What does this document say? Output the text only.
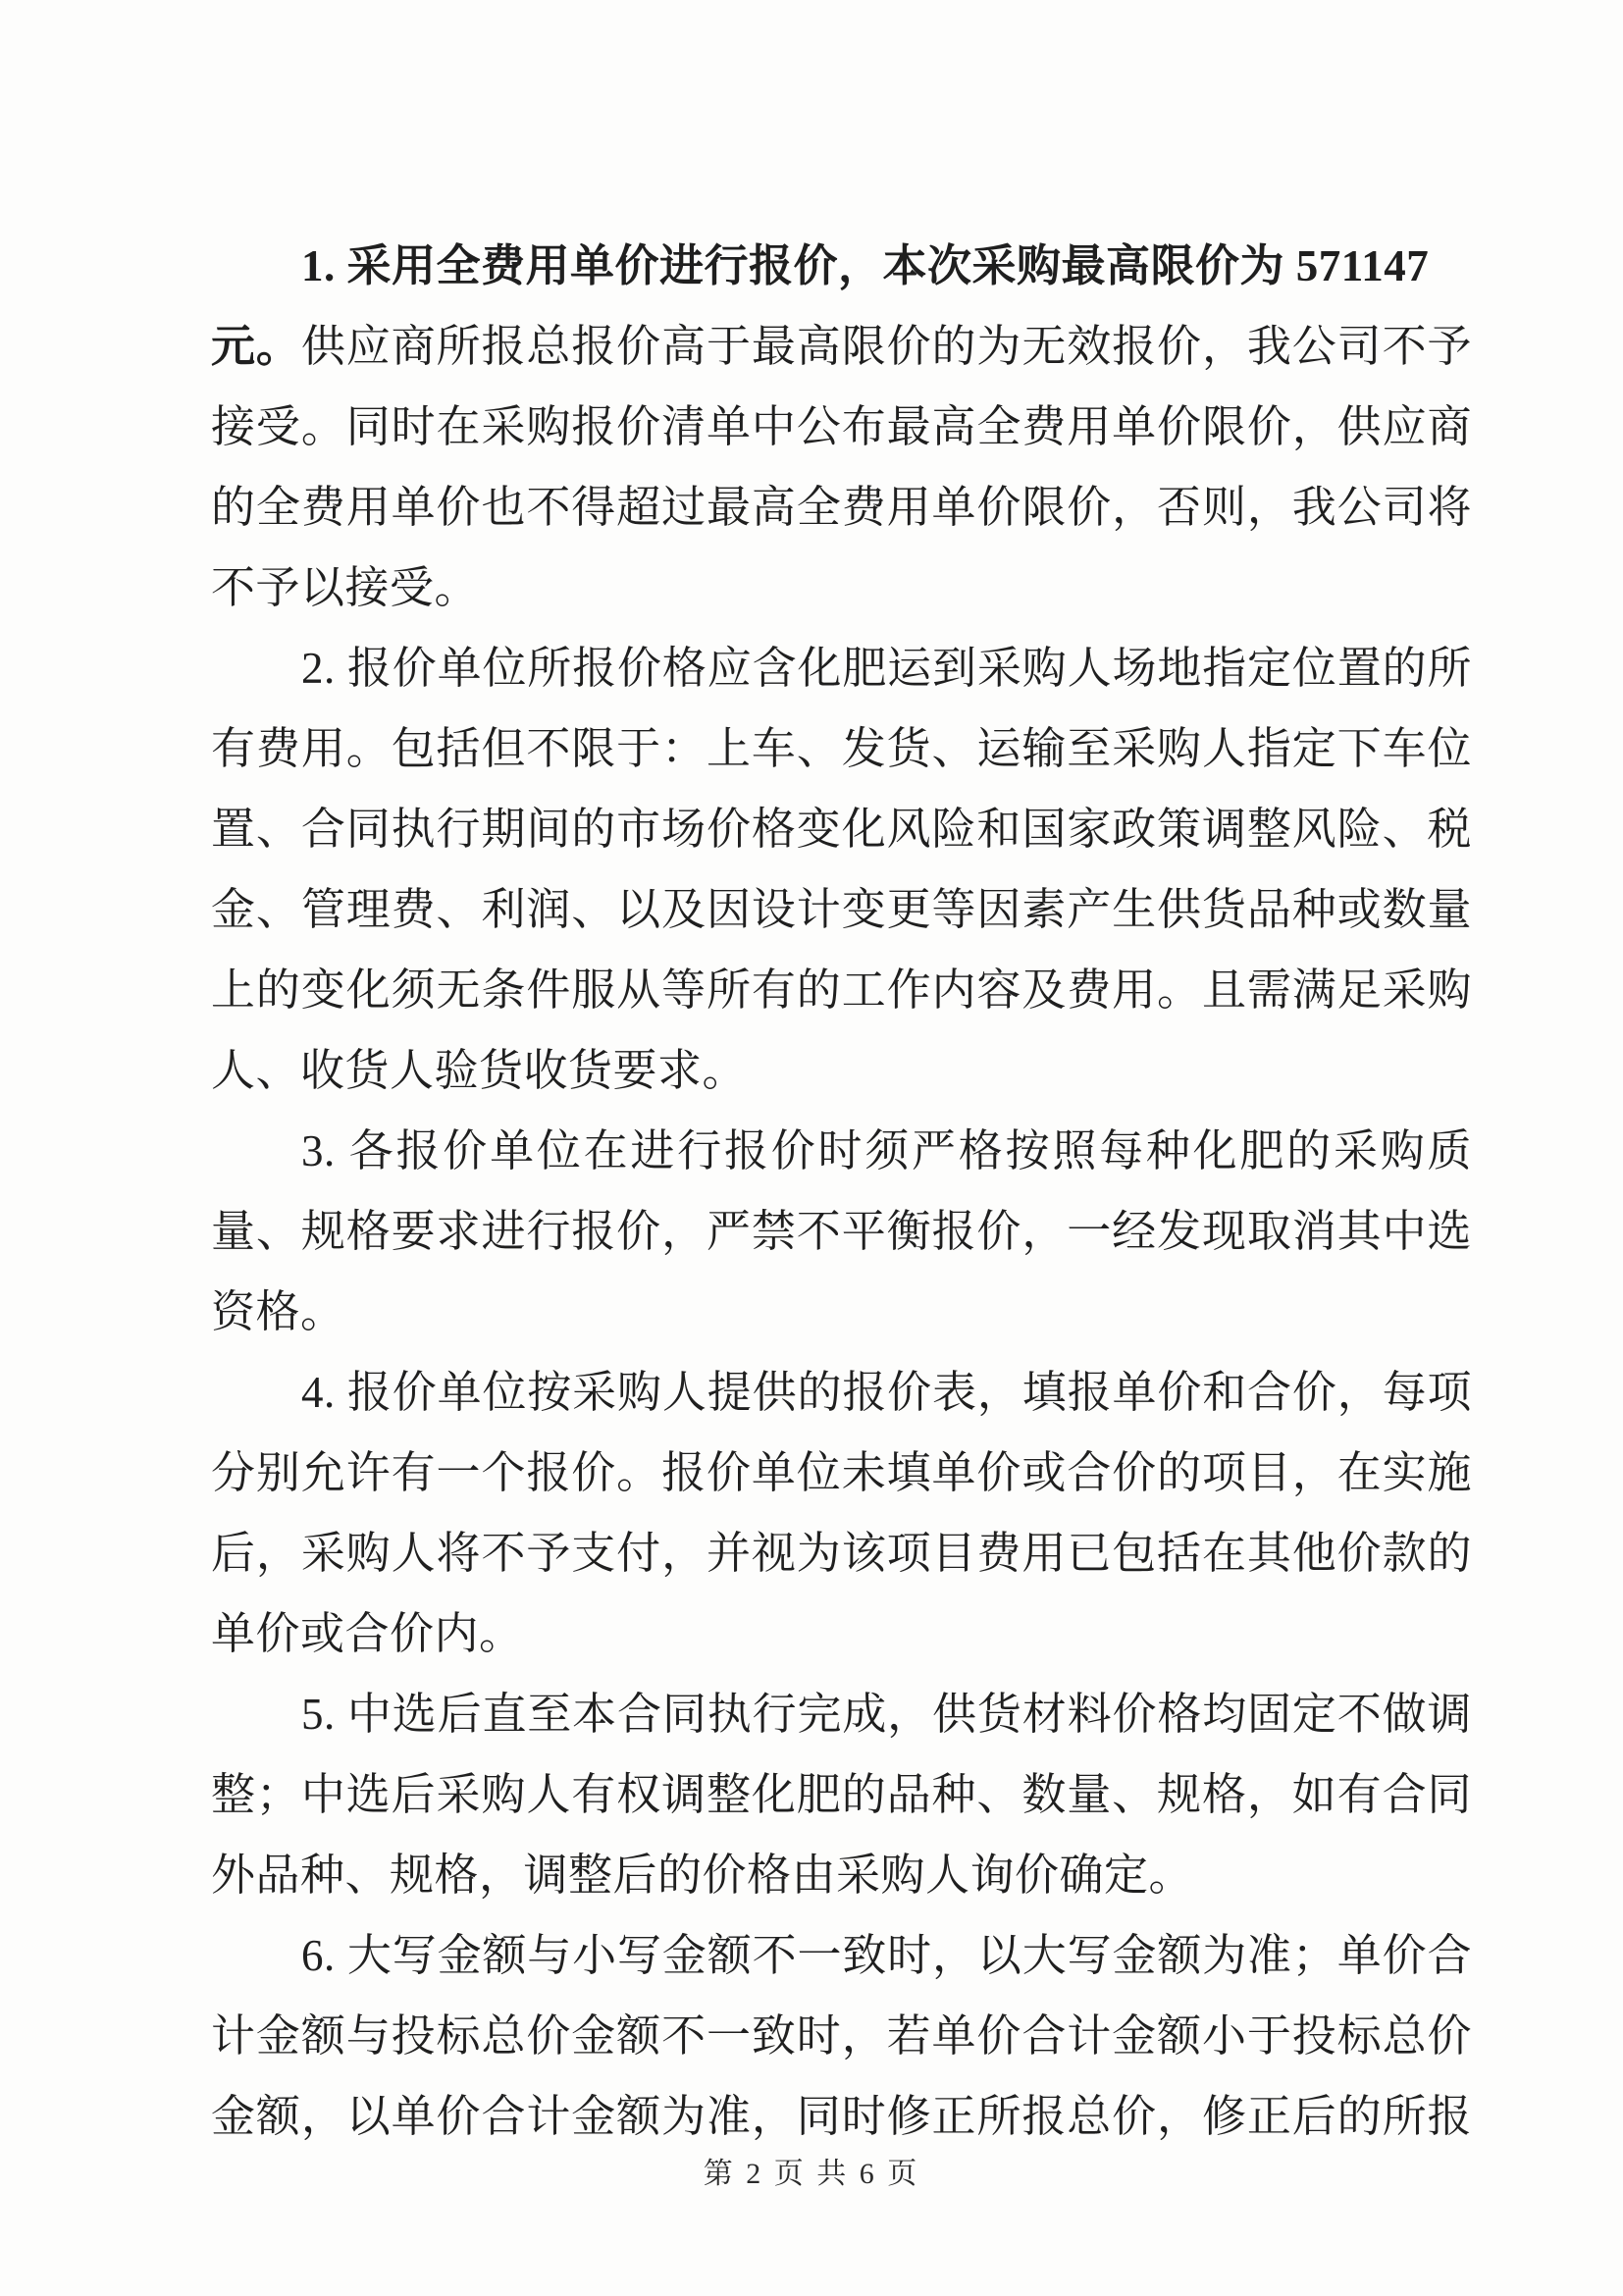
1. 采用全费用单价进行报价，本次采购最高限价为 571147
元。供应商所报总报价高于最高限价的为无效报价，我公司不予
接受。同时在采购报价清单中公布最高全费用单价限价，供应商
的全费用单价也不得超过最高全费用单价限价，否则，我公司将
不予以接受。
2. 报价单位所报价格应含化肥运到采购人场地指定位置的所
有费用。包括但不限于：上车、发货、运输至采购人指定下车位
置、合同执行期间的市场价格变化风险和国家政策调整风险、税
金、管理费、利润、以及因设计变更等因素产生供货品种或数量
上的变化须无条件服从等所有的工作内容及费用。且需满足采购
人、收货人验货收货要求。
3. 各报价单位在进行报价时须严格按照每种化肥的采购质
量、规格要求进行报价，严禁不平衡报价，一经发现取消其中选
资格。
4. 报价单位按采购人提供的报价表，填报单价和合价，每项
分别允许有一个报价。报价单位未填单价或合价的项目，在实施
后，采购人将不予支付，并视为该项目费用已包括在其他价款的
单价或合价内。
5. 中选后直至本合同执行完成，供货材料价格均固定不做调
整；中选后采购人有权调整化肥的品种、数量、规格，如有合同
外品种、规格，调整后的价格由采购人询价确定。
6. 大写金额与小写金额不一致时，以大写金额为准；单价合
计金额与投标总价金额不一致时，若单价合计金额小于投标总价
金额，以单价合计金额为准，同时修正所报总价，修正后的所报
第 2 页 共 6 页
